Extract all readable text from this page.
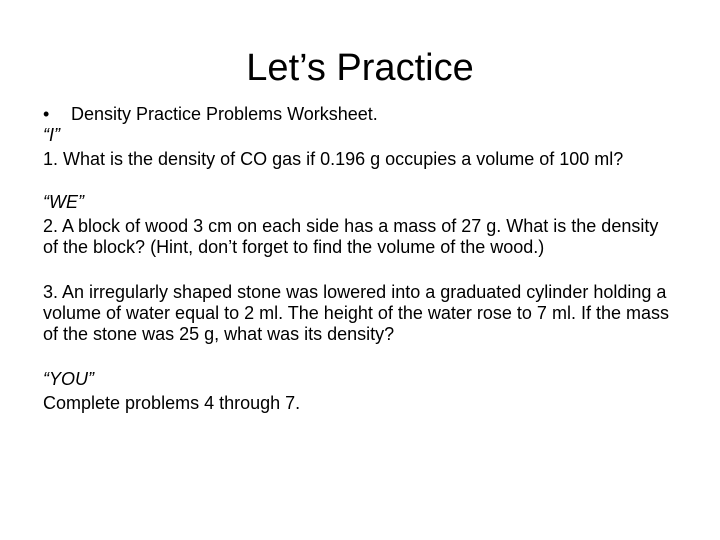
Let’s Practice

• Density Practice Problems Worksheet.

“I”

1. What is the density of CO gas if 0.196 g occupies a volume of 100 ml?

“WE”

2. A block of wood 3 cm on each side has a mass of 27 g. What is the density of the block? (Hint, don’t forget to find the volume of the wood.)

3. An irregularly shaped stone was lowered into a graduated cylinder holding a volume of water equal to 2 ml. The height of the water rose to 7 ml. If the mass of the stone was 25 g, what was its density?

“YOU”

Complete problems 4 through 7.
